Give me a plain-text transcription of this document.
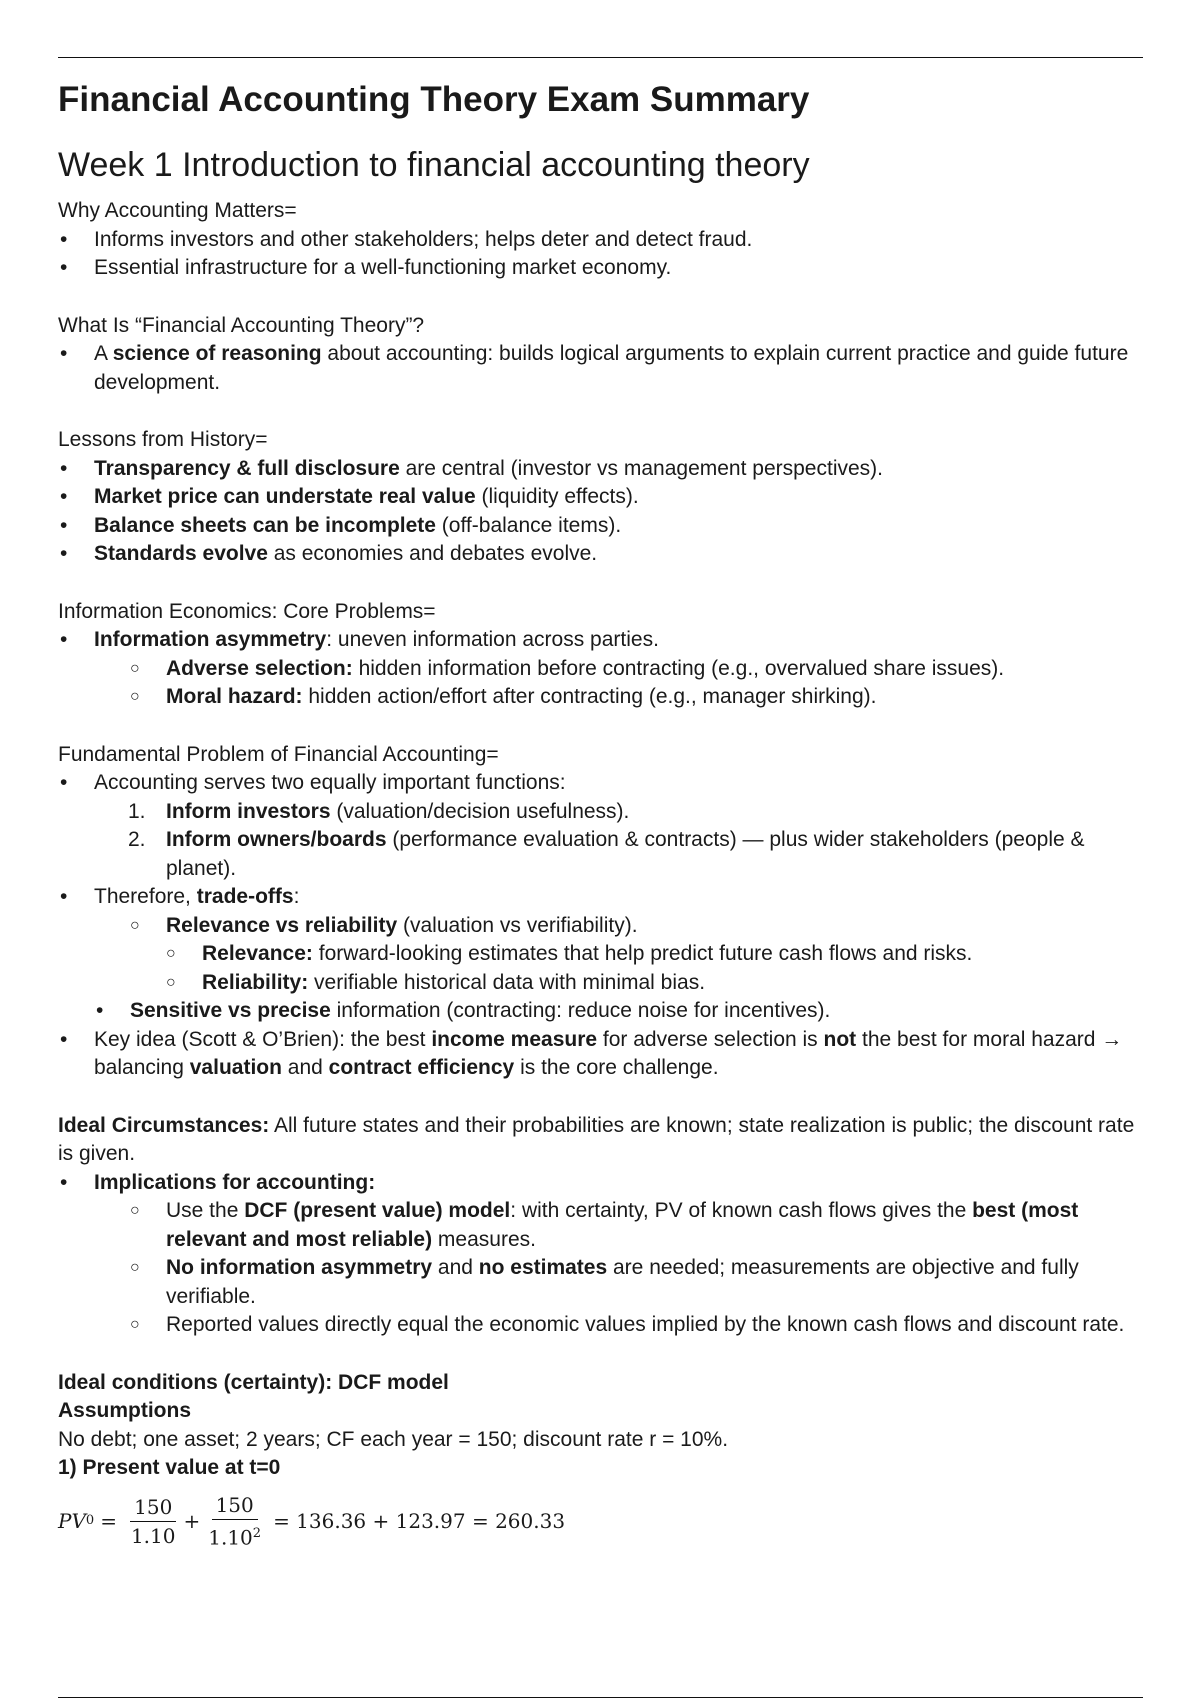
Financial Accounting Theory Exam Summary
Week 1 Introduction to financial accounting theory

Why Accounting Matters=

• Informs investors and other stakeholders; helps deter and detect fraud.
• Essential infrastructure for a well-functioning market economy.

What Is “Financial Accounting Theory”?

• A science of reasoning about accounting: builds logical arguments to explain current practice and guide future development.

Lessons from History=

• Transparency & full disclosure are central (investor vs management perspectives).
• Market price can understate real value (liquidity effects).
• Balance sheets can be incomplete (off-balance items).
• Standards evolve as economies and debates evolve.

Information Economics: Core Problems=

• Information asymmetry: uneven information across parties.
○ Adverse selection: hidden information before contracting (e.g., overvalued share issues).
○ Moral hazard: hidden action/effort after contracting (e.g., manager shirking).

Fundamental Problem of Financial Accounting=

• Accounting serves two equally important functions:
1. Inform investors (valuation/decision usefulness).
2. Inform owners/boards (performance evaluation & contracts) — plus wider stakeholders (people & planet).
• Therefore, trade-offs:
○ Relevance vs reliability (valuation vs verifiability).
○ Relevance: forward-looking estimates that help predict future cash flows and risks.
○ Reliability: verifiable historical data with minimal bias.
• Sensitive vs precise information (contracting: reduce noise for incentives).
• Key idea (Scott & O’Brien): the best income measure for adverse selection is not the best for moral hazard → balancing valuation and contract efficiency is the core challenge.

Ideal Circumstances: All future states and their probabilities are known; state realization is public; the discount rate is given.

• Implications for accounting:
○ Use the DCF (present value) model: with certainty, PV of known cash flows gives the best (most relevant and most reliable) measures.
○ No information asymmetry and no estimates are needed; measurements are objective and fully verifiable.
○ Reported values directly equal the economic values implied by the known cash flows and discount rate.

Ideal conditions (certainty): DCF model

Assumptions

No debt; one asset; 2 years; CF each year = 150; discount rate r = 10%.

1) Present value at t=0

PV $0 = \frac{150}{1.10} + \frac{150}{1.10^2} = 136.36 + 123.97 = 260.33$
